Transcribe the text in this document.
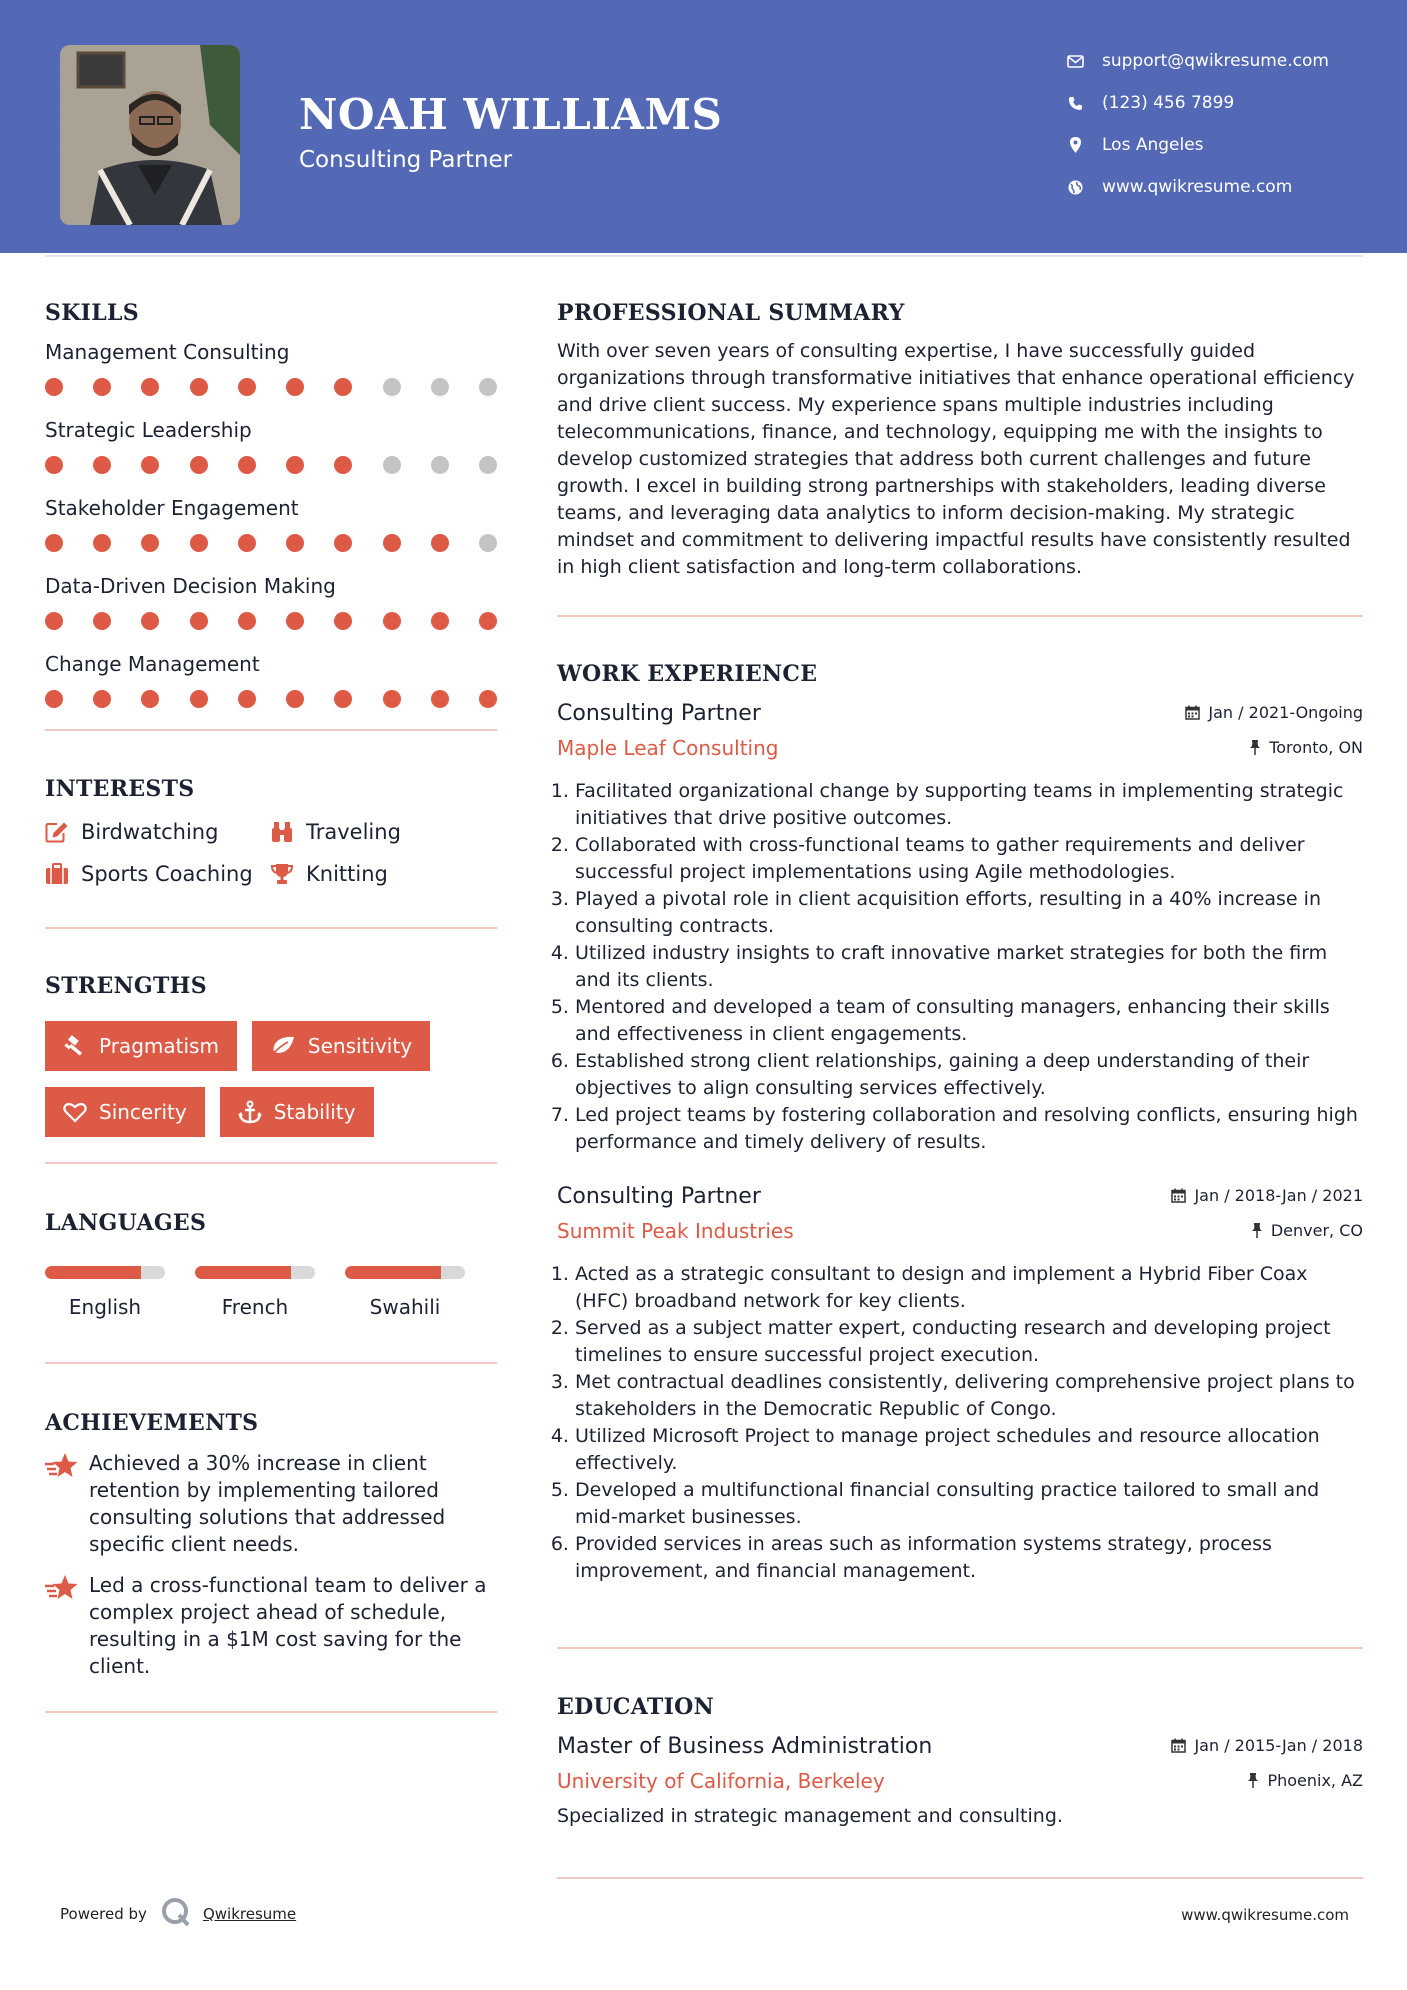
NOAH WILLIAMS
Consulting Partner
support@qwikresume.com
(123) 456 7899
Los Angeles
www.qwikresume.com
SKILLS
Management Consulting
Strategic Leadership
Stakeholder Engagement
Data-Driven Decision Making
Change Management
INTERESTS
Birdwatching	Traveling
Sports Coaching	Knitting
STRENGTHS
Pragmatism	Sensitivity
Sincerity	Stability
LANGUAGES
English	French	Swahili
ACHIEVEMENTS
Achieved a 30% increase in client retention by implementing tailored consulting solutions that addressed specific client needs.
Led a cross-functional team to deliver a complex project ahead of schedule, resulting in a $1M cost saving for the client.
PROFESSIONAL SUMMARY
With over seven years of consulting expertise, I have successfully guided organizations through transformative initiatives that enhance operational efficiency and drive client success. My experience spans multiple industries including telecommunications, finance, and technology, equipping me with the insights to develop customized strategies that address both current challenges and future growth. I excel in building strong partnerships with stakeholders, leading diverse teams, and leveraging data analytics to inform decision-making. My strategic mindset and commitment to delivering impactful results have consistently resulted in high client satisfaction and long-term collaborations.
WORK EXPERIENCE
Consulting Partner	Jan / 2021-Ongoing
Maple Leaf Consulting	Toronto, ON
1. Facilitated organizational change by supporting teams in implementing strategic initiatives that drive positive outcomes.
2. Collaborated with cross-functional teams to gather requirements and deliver successful project implementations using Agile methodologies.
3. Played a pivotal role in client acquisition efforts, resulting in a 40% increase in consulting contracts.
4. Utilized industry insights to craft innovative market strategies for both the firm and its clients.
5. Mentored and developed a team of consulting managers, enhancing their skills and effectiveness in client engagements.
6. Established strong client relationships, gaining a deep understanding of their objectives to align consulting services effectively.
7. Led project teams by fostering collaboration and resolving conflicts, ensuring high performance and timely delivery of results.
Consulting Partner	Jan / 2018-Jan / 2021
Summit Peak Industries	Denver, CO
1. Acted as a strategic consultant to design and implement a Hybrid Fiber Coax (HFC) broadband network for key clients.
2. Served as a subject matter expert, conducting research and developing project timelines to ensure successful project execution.
3. Met contractual deadlines consistently, delivering comprehensive project plans to stakeholders in the Democratic Republic of Congo.
4. Utilized Microsoft Project to manage project schedules and resource allocation effectively.
5. Developed a multifunctional financial consulting practice tailored to small and mid-market businesses.
6. Provided services in areas such as information systems strategy, process improvement, and financial management.
EDUCATION
Master of Business Administration	Jan / 2015-Jan / 2018
University of California, Berkeley	Phoenix, AZ
Specialized in strategic management and consulting.
Powered by	Qwikresume	www.qwikresume.com
